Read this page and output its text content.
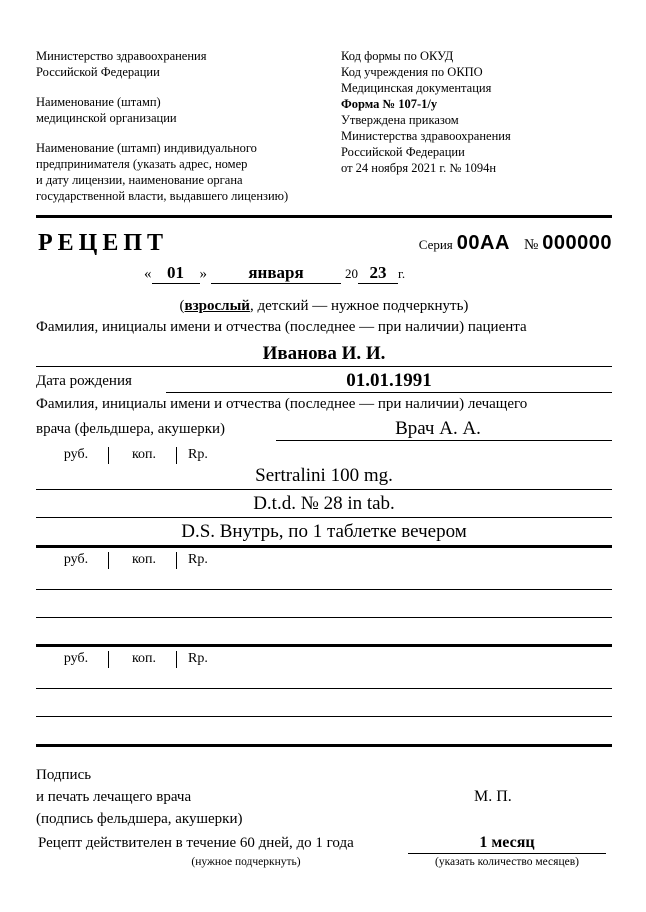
Министерство здравоохранения
Российской Федерации
Наименование (штамп)
медицинской организации
Наименование (штамп) индивидуального
предпринимателя (указать адрес, номер
и дату лицензии, наименование органа
государственной власти, выдавшего лицензию)
Код формы по ОКУД
Код учреждения по ОКПО
Медицинская документация
Форма № 107-1/у
Утверждена приказом
Министерства здравоохранения
Российской Федерации
от 24 ноября 2021 г. № 1094н
РЕЦЕПТ	Серия 00АА № 000000
« 01 » января	20 23 г.
(взрослый, детский — нужное подчеркнуть)
Фамилия, инициалы имени и отчества (последнее — при наличии) пациента
Иванова И. И.
Дата рождения	01.01.1991
Фамилия, инициалы имени и отчества (последнее — при наличии) лечащего
врача (фельдшера, акушерки)	Врач А. А.
руб.	коп.	Rp.
Sertralini 100 mg.
D.t.d. № 28 in tab.
D.S. Внутрь, по 1 таблетке вечером
руб.	коп.	Rp.
руб.	коп.	Rp.
Подпись
и печать лечащего врача
(подпись фельдшера, акушерки)
М. П.
Рецепт действителен в течение 60 дней, до 1 года	1 месяц
(нужное подчеркнуть)	(указать количество месяцев)
